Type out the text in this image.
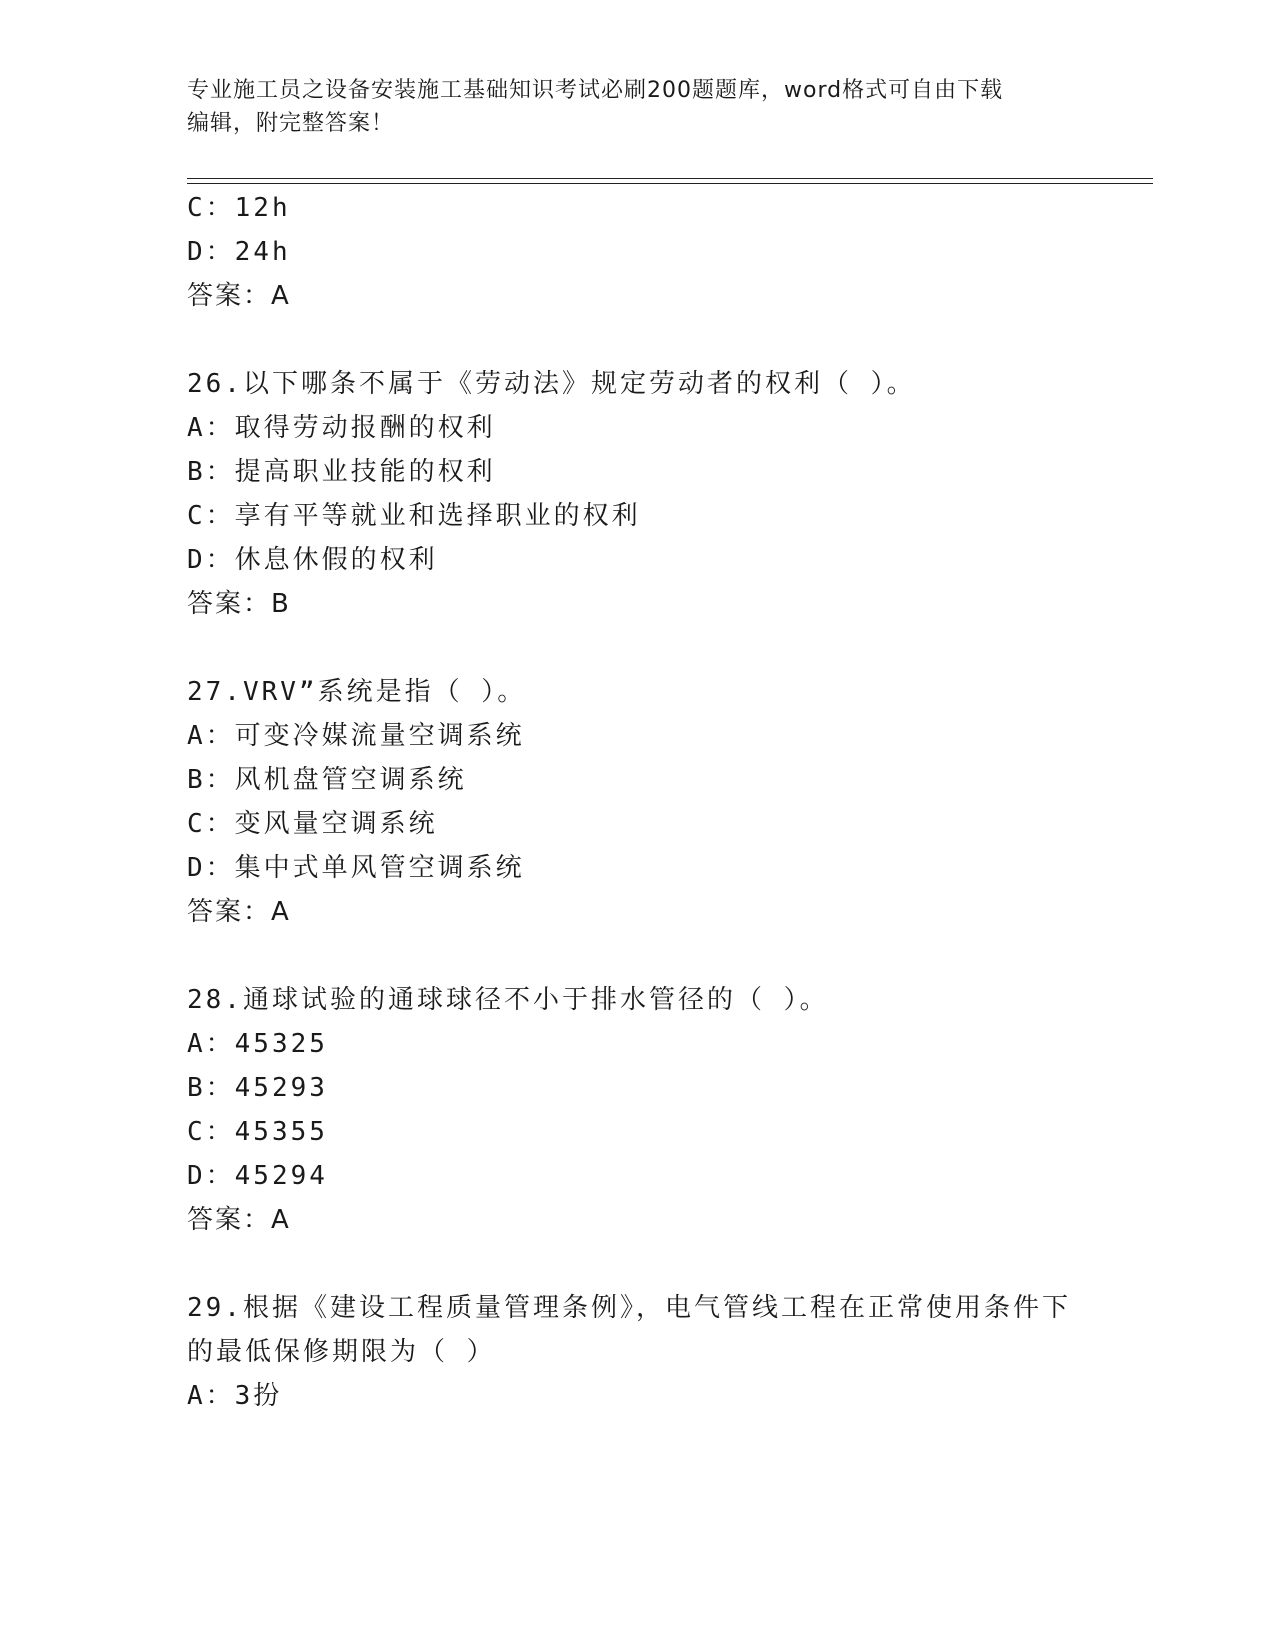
专业施工员之设备安装施工基础知识考试必刷200题题库，word格式可自由下载
编辑，附完整答案！
C：12h
D：24h
答案：A
26.以下哪条不属于《劳动法》规定劳动者的权利（ ）。
A：取得劳动报酬的权利
B：提高职业技能的权利
C：享有平等就业和选择职业的权利
D：休息休假的权利
答案：B
27.VRV”系统是指（ ）。
A：可变冷媒流量空调系统
B：风机盘管空调系统
C：变风量空调系统
D：集中式单风管空调系统
答案：A
28.通球试验的通球球径不小于排水管径的（ ）。
A：45325
B：45293
C：45355
D：45294
答案：A
29.根据《建设工程质量管理条例》，电气管线工程在正常使用条件下
的最低保修期限为（ ）
A：3扮
